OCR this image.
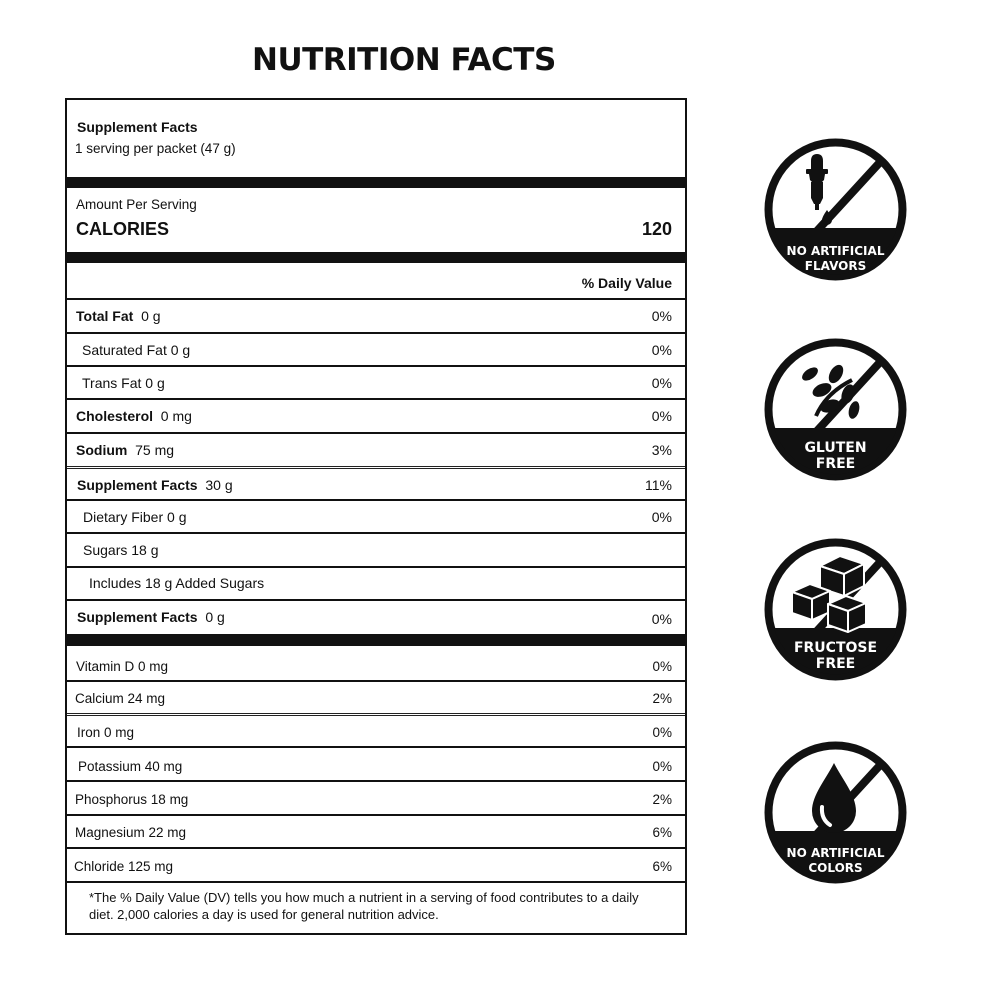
NUTRITION FACTS
Supplement Facts
1 serving per packet (47 g)
Amount Per Serving
CALORIES	120
% Daily Value
Total Fat 0 g	0%
Saturated Fat 0 g	0%
Trans Fat 0 g	0%
Cholesterol 0 mg	0%
Sodium 75 mg	3%
Supplement Facts 30 g	11%
Dietary Fiber 0 g	0%
Sugars 18 g
Includes 18 g Added Sugars
Supplement Facts 0 g	0%
Vitamin D 0 mg	0%
Calcium 24 mg	2%
Iron 0 mg	0%
Potassium 40 mg	0%
Phosphorus 18 mg	2%
Magnesium 22 mg	6%
Chloride 125 mg	6%
*The % Daily Value (DV) tells you how much a nutrient in a serving of food contributes to a daily
diet. 2,000 calories a day is used for general nutrition advice.
NO ARTIFICIAL
FLAVORS
GLUTEN
FREE
FRUCTOSE
FREE
NO ARTIFICIAL
COLORS
